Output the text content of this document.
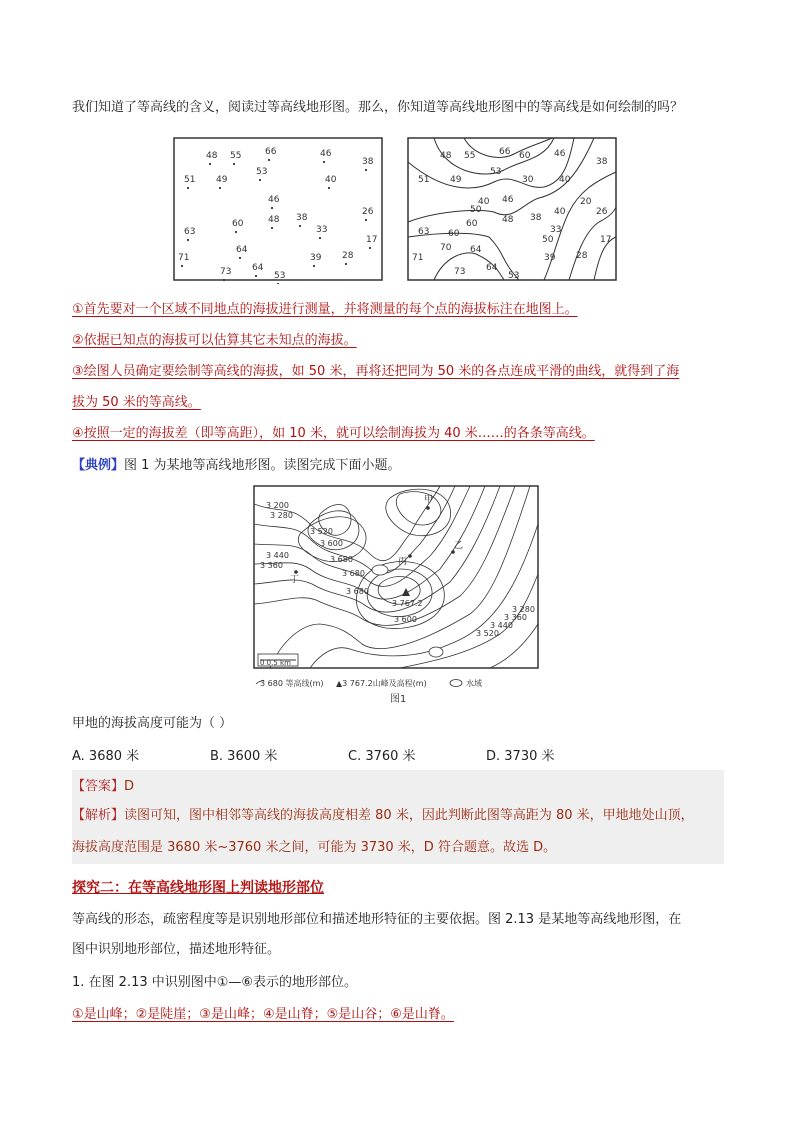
我们知道了等高线的含义，阅读过等高线地形图。那么，你知道等高线地形图中的等高线是如何绘制的吗？

48 55	66	46
38
51 49
53
40
46
26
63
60	48 38
33
17
71
64
73 64
53
39 28
48 55	66	46
38
51 49
53
40
46
26
63
60	48 38
33
17
71
64
73 64
53
39 28
60
50
40
30
20
70
60
50
40

①首先要对一个区域不同地点的海拔进行测量，并将测量的每个点的海拔标注在地图上。

②依据已知点的海拔可以估算其它未知点的海拔。

③绘图人员确定要绘制等高线的海拔，如 50 米，再将还把同为 50 米的各点连成平滑的曲线，就得到了海

拔为 50 米的等高线。

④按照一定的海拔差（即等高距），如 10 米，就可以绘制海拔为 40 米……的各条等高线。

【典例】图 1 为某地等高线地形图。读图完成下面小题。

3 200
3 280
3 360
3 440
3 520
3 600
3 680
3 680
3 767.2
3 600
3 520
3 440
3 360
3 280
3 680
甲
乙
丙
丁
0 0.5 km
3 680 等高线(m) ▲3 767.2山峰及高程(m)	水域
图1

甲地的海拔高度可能为（ ）

A. 3680 米	B. 3600 米	C. 3760 米	D. 3730 米

【答案】D

【解析】读图可知，图中相邻等高线的海拔高度相差 80 米，因此判断此图等高距为 80 米，甲地地处山顶，

海拔高度范围是 3680 米~3760 米之间，可能为 3730 米，D 符合题意。故选 D。

探究二：在等高线地形图上判读地形部位

等高线的形态，疏密程度等是识别地形部位和描述地形特征的主要依据。图 2.13 是某地等高线地形图，在

图中识别地形部位，描述地形特征。

1. 在图 2.13 中识别图中①—⑥表示的地形部位。

①是山峰；②是陡崖；③是山峰；④是山脊；⑤是山谷；⑥是山脊。
